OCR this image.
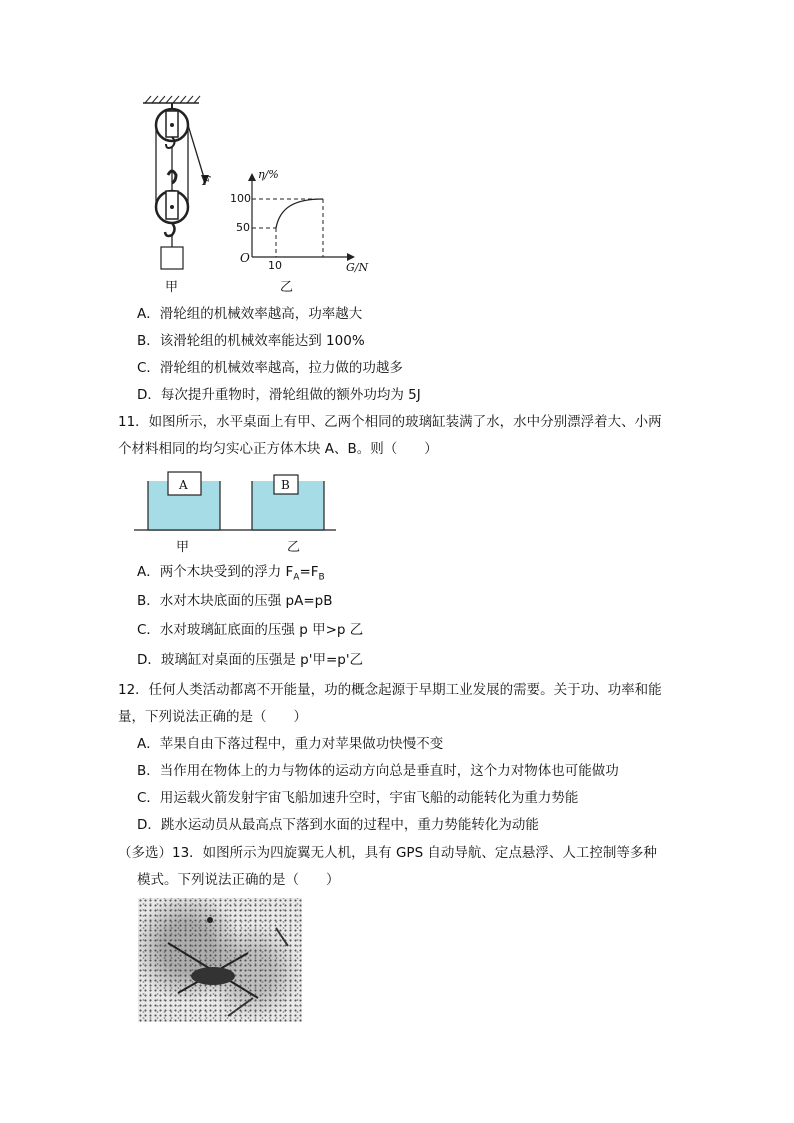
F	η/%
100
50
O
10	G/N
甲	乙
A．滑轮组的机械效率越高，功率越大
B．该滑轮组的机械效率能达到 100%
C．滑轮组的机械效率越高，拉力做的功越多
D．每次提升重物时，滑轮组做的额外功均为 5J
11．如图所示，水平桌面上有甲、乙两个相同的玻璃缸装满了水，水中分别漂浮着大、小两
个材料相同的均匀实心正方体木块 A、B。则（　　）
A	B
甲	乙
A．两个木块受到的浮力 $F_A=F_B$
B．水对木块底面的压强 pA=pB
C．水对玻璃缸底面的压强 p 甲>p 乙
D．玻璃缸对桌面的压强是 p'甲=p'乙
12．任何人类活动都离不开能量，功的概念起源于早期工业发展的需要。关于功、功率和能
量，下列说法正确的是（　　）
A．苹果自由下落过程中，重力对苹果做功快慢不变
B．当作用在物体上的力与物体的运动方向总是垂直时，这个力对物体也可能做功
C．用运载火箭发射宇宙飞船加速升空时，宇宙飞船的动能转化为重力势能
D．跳水运动员从最高点下落到水面的过程中，重力势能转化为动能
（多选）13．如图所示为四旋翼无人机，具有 GPS 自动导航、定点悬浮、人工控制等多种
模式。下列说法正确的是（　　）
